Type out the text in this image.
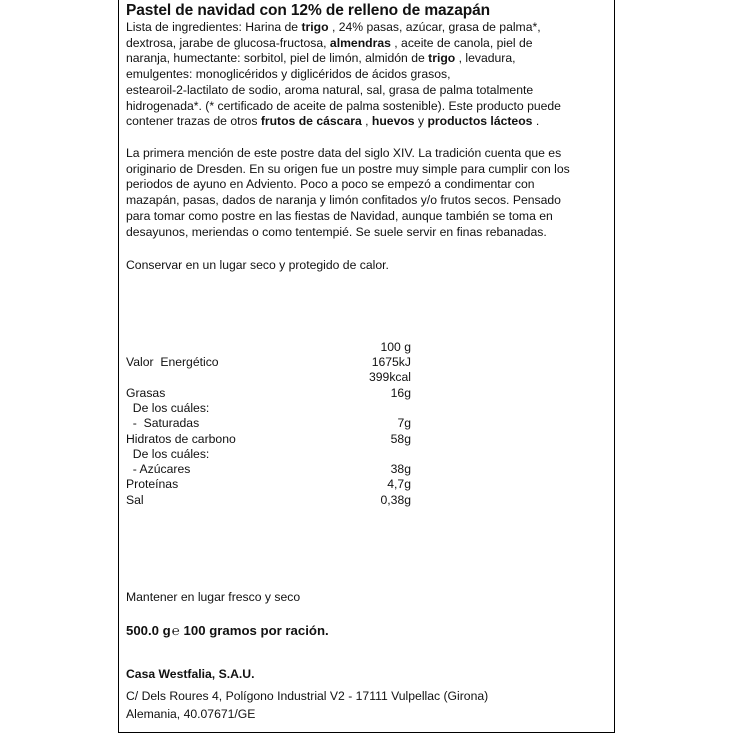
Pastel de navidad con 12% de relleno de mazapán
Lista de ingredientes: Harina de trigo , 24% pasas, azúcar, grasa de palma*,
dextrosa, jarabe de glucosa-fructosa, almendras , aceite de canola, piel de
naranja, humectante: sorbitol, piel de limón, almidón de trigo , levadura,
emulgentes: monoglicéridos y diglicéridos de ácidos grasos,
estearoil-2-lactilato de sodio, aroma natural, sal, grasa de palma totalmente
hidrogenada*. (* certificado de aceite de palma sostenible). Este producto puede
contener trazas de otros frutos de cáscara , huevos y productos lácteos .
La primera mención de este postre data del siglo XIV. La tradición cuenta que es
originario de Dresden. En su origen fue un postre muy simple para cumplir con los
periodos de ayuno en Adviento. Poco a poco se empezó a condimentar con
mazapán, pasas, dados de naranja y limón confitados y/o frutos secos. Pensado
para tomar como postre en las fiestas de Navidad, aunque también se toma en
desayunos, meriendas o como tentempié. Se suele servir en finas rebanadas.
Conservar en un lugar seco y protegido de calor.
100 g
Valor  Energético	1675kJ
399kcal
Grasas	16g
De los cuáles:
-  Saturadas	7g
Hidratos de carbono	58g
De los cuáles:
- Azúcares	38g
Proteínas	4,7g
Sal	0,38g
Mantener en lugar fresco y seco
500.0 g℮ 100 gramos por ración.
Casa Westfalia, S.A.U.
C/ Dels Roures 4, Polígono Industrial V2 - 17111 Vulpellac (Girona)
Alemania, 40.07671/GE
